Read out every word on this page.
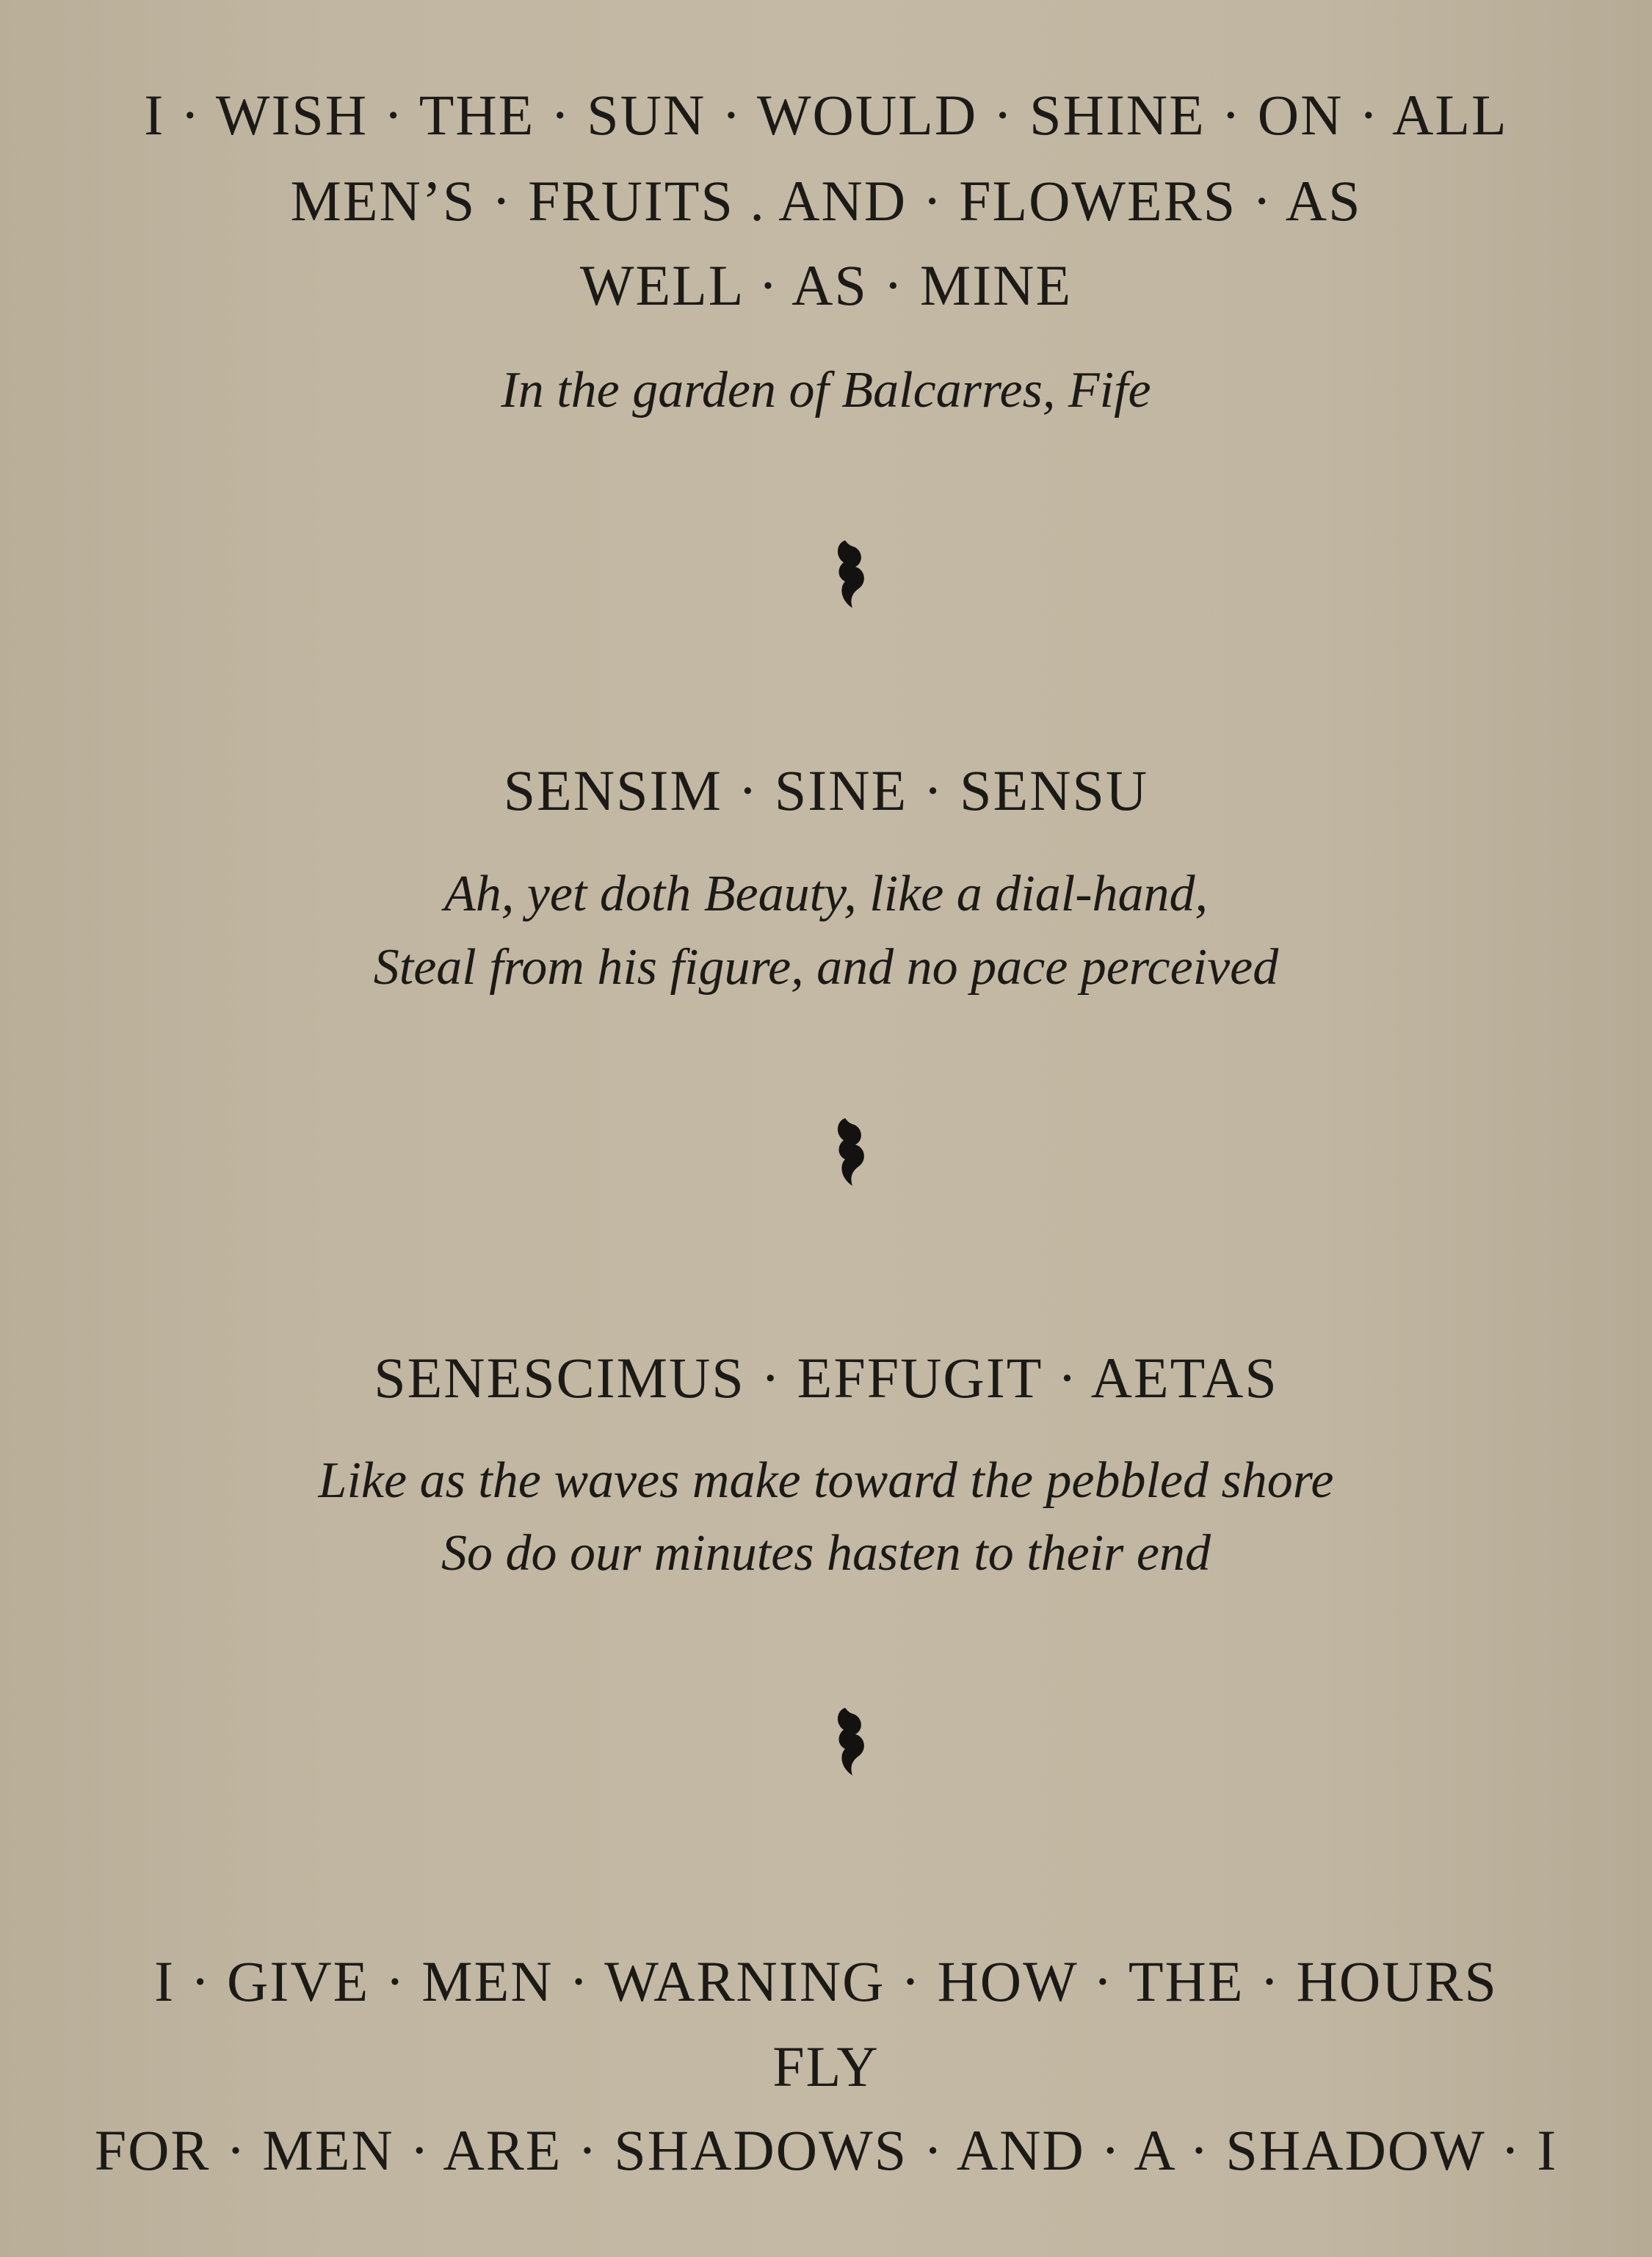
I · WISH · THE · SUN · WOULD · SHINE · ON · ALL
MEN’S · FRUITS . AND · FLOWERS · AS
WELL · AS · MINE
In the garden of Balcarres, Fife
SENSIM · SINE · SENSU
Ah, yet doth Beauty, like a dial-hand,
Steal from his figure, and no pace perceived
SENESCIMUS · EFFUGIT · AETAS
Like as the waves make toward the pebbled shore
So do our minutes hasten to their end
I · GIVE · MEN · WARNING · HOW · THE · HOURS
FLY
FOR · MEN · ARE · SHADOWS · AND · A · SHADOW · I
